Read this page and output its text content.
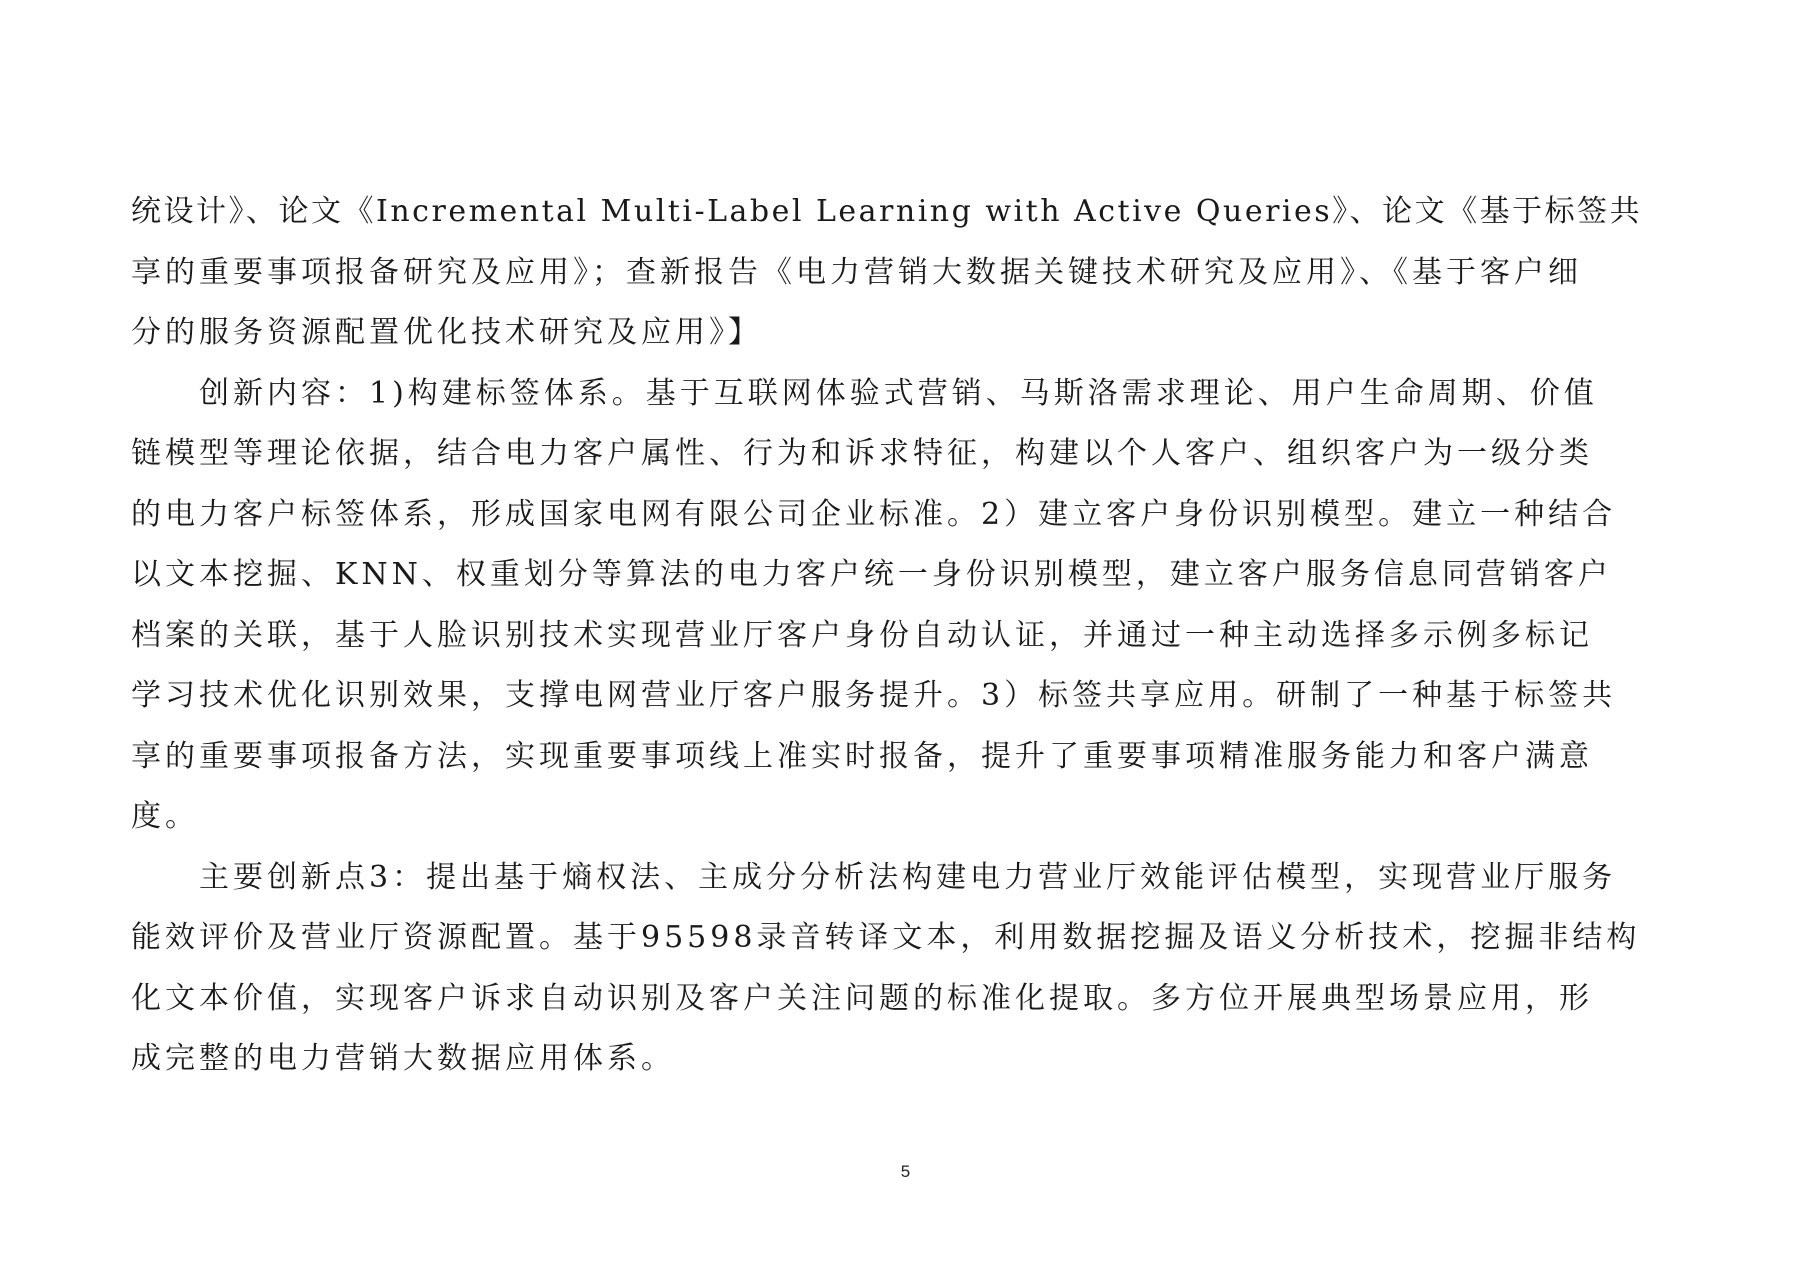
统设计》、论文《Incremental Multi-Label Learning with Active Queries》、论文《基于标签共
享的重要事项报备研究及应用》；查新报告《电力营销大数据关键技术研究及应用》、《基于客户细
分的服务资源配置优化技术研究及应用》】
创新内容：1)构建标签体系。基于互联网体验式营销、马斯洛需求理论、用户生命周期、价值
链模型等理论依据，结合电力客户属性、行为和诉求特征，构建以个人客户、组织客户为一级分类
的电力客户标签体系，形成国家电网有限公司企业标准。2）建立客户身份识别模型。建立一种结合
以文本挖掘、KNN、权重划分等算法的电力客户统一身份识别模型，建立客户服务信息同营销客户
档案的关联，基于人脸识别技术实现营业厅客户身份自动认证，并通过一种主动选择多示例多标记
学习技术优化识别效果，支撑电网营业厅客户服务提升。3）标签共享应用。研制了一种基于标签共
享的重要事项报备方法，实现重要事项线上准实时报备，提升了重要事项精准服务能力和客户满意
度。
主要创新点3：提出基于熵权法、主成分分析法构建电力营业厅效能评估模型，实现营业厅服务
能效评价及营业厅资源配置。基于95598录音转译文本，利用数据挖掘及语义分析技术，挖掘非结构
化文本价值，实现客户诉求自动识别及客户关注问题的标准化提取。多方位开展典型场景应用，形
成完整的电力营销大数据应用体系。
5
